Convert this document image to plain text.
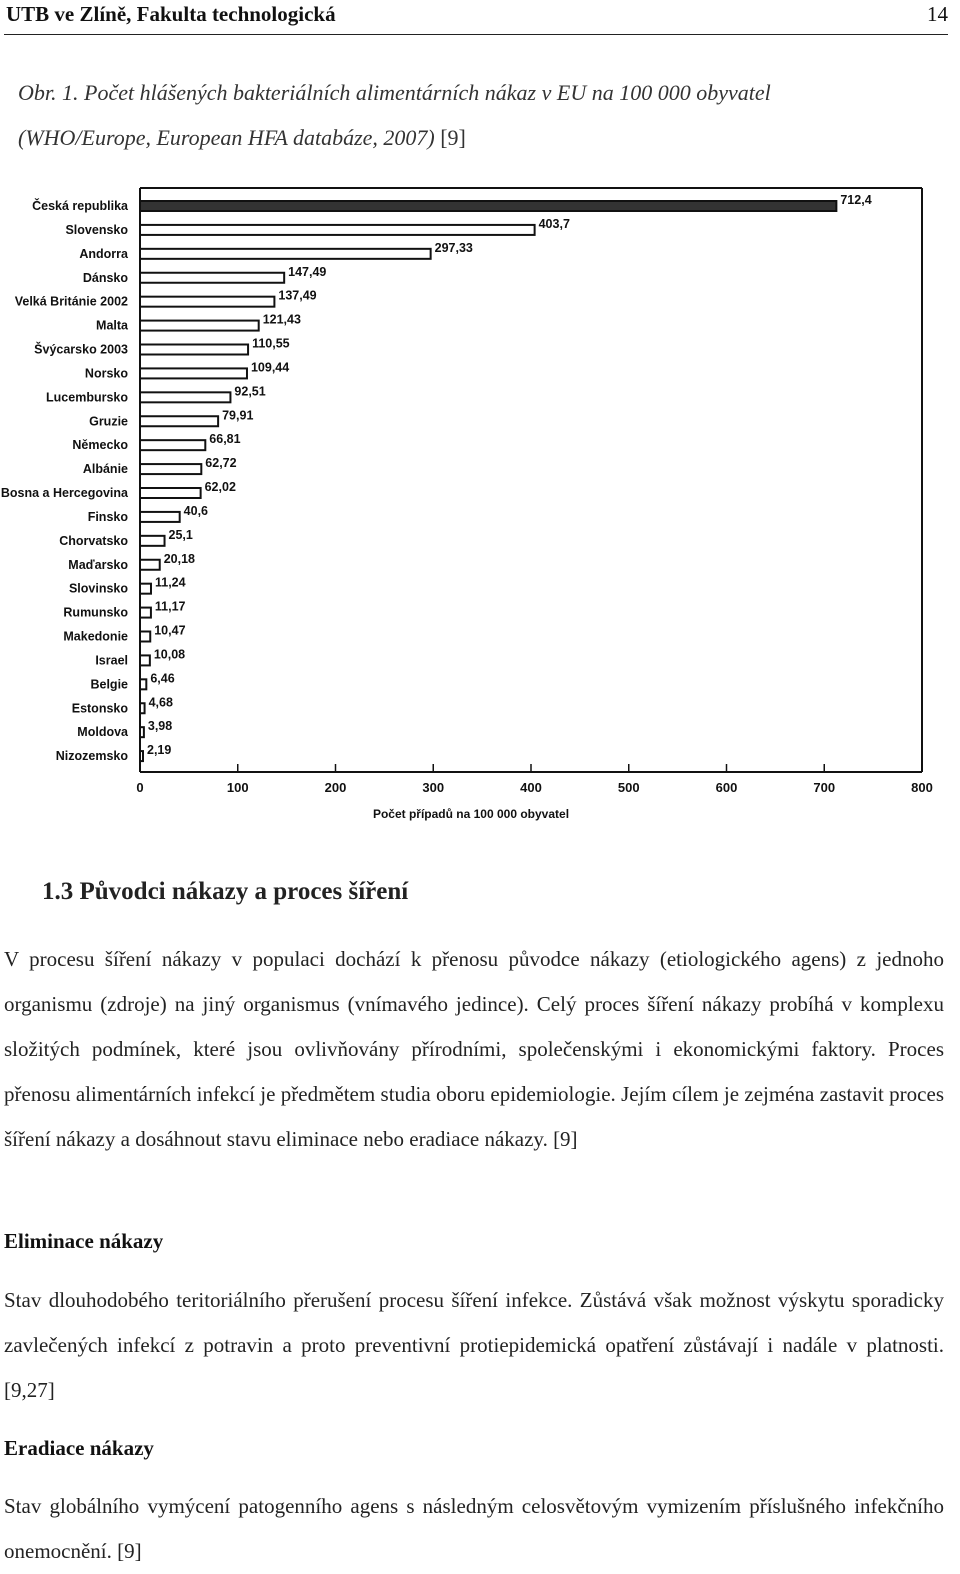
UTB ve Zlíně, Fakulta technologická	14
Obr. 1. Počet hlášených bakteriálních alimentárních nákaz v EU na 100 000 obyvatel
(WHO/Europe, European HFA databáze, 2007) [9]
Česká republika	712,4
Slovensko	403,7
Andorra	297,33
Dánsko	147,49
Velká Británie 2002	137,49
Malta	121,43
Švýcarsko 2003	110,55
Norsko	109,44
Lucembursko	92,51
Gruzie	79,91
Německo	66,81
Albánie	62,72
Bosna a Hercegovina	62,02
Finsko	40,6
Chorvatsko	25,1
Maďarsko	20,18
Slovinsko 11,24
Rumunsko 11,17
Makedonie 10,47
Israel 10,08
Belgie 6,46
Estonsko 4,68
Moldova 3,98
Nizozemsko 2,19
0	100	200	300	400	500	600	700	800
Počet případů na 100 000 obyvatel
1.3 Původci nákazy a proces šíření
V procesu šíření nákazy v populaci dochází k přenosu původce nákazy (etiologického agens) z jednoho organismu (zdroje) na jiný organismus (vnímavého jedince). Celý proces šíření nákazy probíhá v komplexu složitých podmínek, které jsou ovlivňovány přírodními, společenskými i ekonomickými faktory. Proces přenosu alimentárních infekcí je předmětem studia oboru epidemiologie. Jejím cílem je zejména zastavit proces šíření nákazy a dosáhnout stavu eliminace nebo eradiace nákazy. [9]
Eliminace nákazy
Stav dlouhodobého teritoriálního přerušení procesu šíření infekce. Zůstává však možnost výskytu sporadicky zavlečených infekcí z potravin a proto preventivní protiepidemická opatření zůstávají i nadále v platnosti. [9,27]
Eradiace nákazy
Stav globálního vymýcení patogenního agens s následným celosvětovým vymizením příslušného infekčního onemocnění. [9]
